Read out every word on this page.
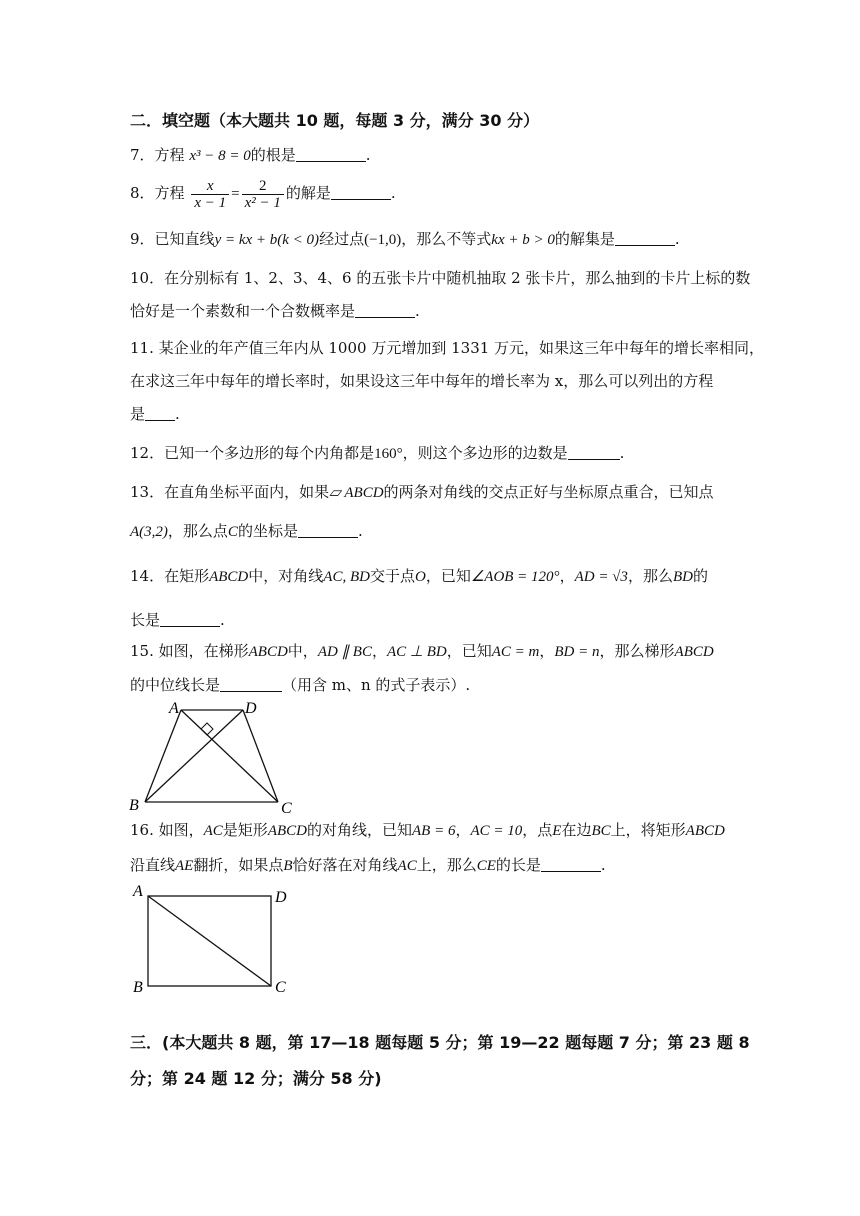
二．填空题（本大题共 10 题，每题 3 分，满分 30 分）
7．方程 x³ − 8 = 0的根是	.
8．方程 $\frac{x}{x - 1} = \frac{2}{\text{x² − 1}}$ 的解是	.
9．已知直线y = kx + b(k < 0)经过点(−1,0)，那么不等式kx + b > 0的解集是	.
10．在分别标有 1、2、3、4、6 的五张卡片中随机抽取 2 张卡片，那么抽到的卡片上标的数
恰好是一个素数和一个合数概率是	.
11. 某企业的年产值三年内从 1000 万元增加到 1331 万元，如果这三年中每年的增长率相同，
在求这三年中每年的增长率时，如果设这三年中每年的增长率为 x，那么可以列出的方程
是 .
12．已知一个多边形的每个内角都是160°，则这个多边形的边数是	.
13．在直角坐标平面内，如果▱ ABCD的两条对角线的交点正好与坐标原点重合，已知点
A(3,2)，那么点C的坐标是	.
14．在矩形ABCD中，对角线AC, BD交于点O，已知∠AOB = 120°，AD = √3，那么BD的
长是	.
15. 如图，在梯形ABCD中，AD ∥ BC，AC ⊥ BD，已知AC = m，BD = n，那么梯形ABCD
的中位线长是	（用含 m、n 的式子表示）.
A	D
B	C
16. 如图，AC是矩形ABCD的对角线，已知AB = 6，AC = 10，点E在边BC上，将矩形ABCD
沿直线AE翻折，如果点B恰好落在对角线AC上，那么CE的长是	.
A	D
B	C
三．(本大题共 8 题，第 17—18 题每题 5 分；第 19—22 题每题 7 分；第 23 题 8
分；第 24 题 12 分；满分 58 分)
